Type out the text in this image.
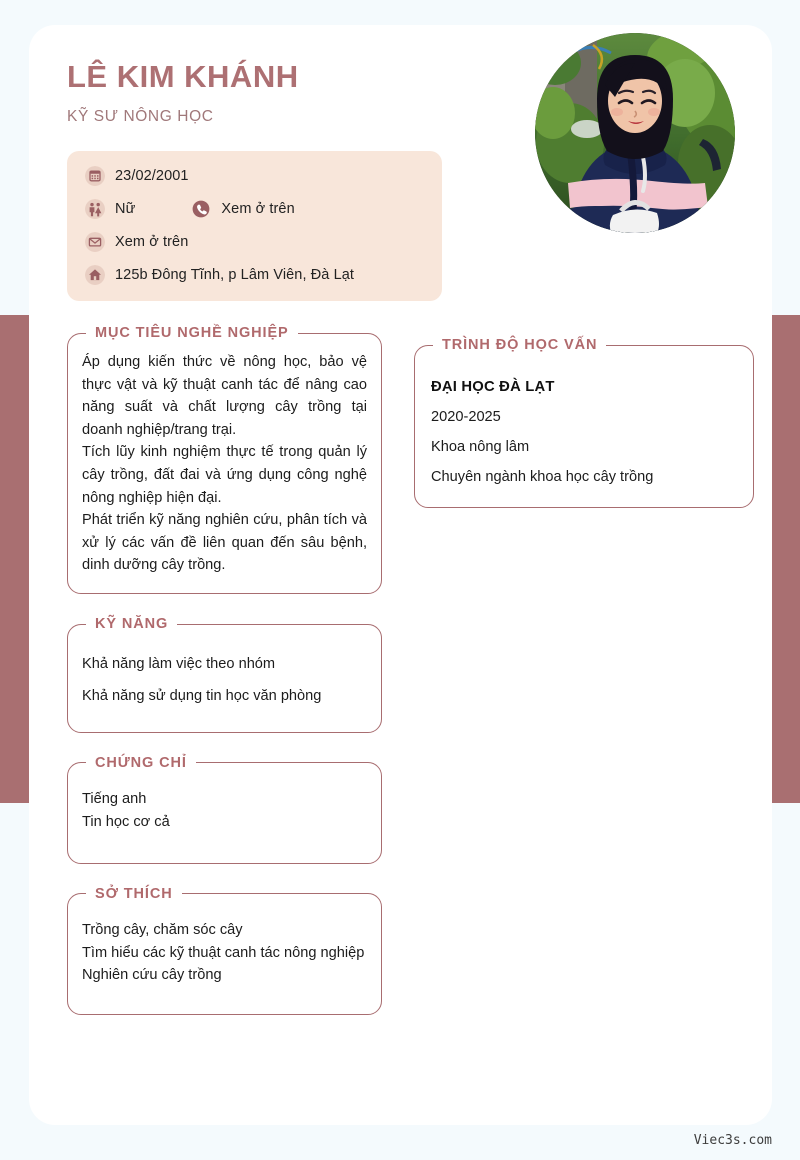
LÊ KIM KHÁNH
KỸ SƯ NÔNG HỌC
23/02/2001
Nữ	Xem ở trên
Xem ở trên
125b Đông Tĩnh, p Lâm Viên, Đà Lạt
MỤC TIÊU NGHỀ NGHIỆP

Áp dụng kiến thức về nông học, bảo vệ thực vật và kỹ thuật canh tác để nâng cao năng suất và chất lượng cây trồng tại doanh nghiệp/trang trại.

Tích lũy kinh nghiệm thực tế trong quản lý cây trồng, đất đai và ứng dụng công nghệ nông nghiệp hiện đại.

Phát triển kỹ năng nghiên cứu, phân tích và xử lý các vấn đề liên quan đến sâu bệnh, dinh dưỡng cây trồng.

KỸ NĂNG
Khả năng làm việc theo nhóm
Khả năng sử dụng tin học văn phòng
CHỨNG CHỈ
Tiếng anh
Tin học cơ cả
SỞ THÍCH
Trồng cây, chăm sóc cây
Tìm hiểu các kỹ thuật canh tác nông nghiệp
Nghiên cứu cây trồng
TRÌNH ĐỘ HỌC VẤN
ĐẠI HỌC ĐÀ LẠT
2020-2025
Khoa nông lâm
Chuyên ngành khoa học cây trồng
Viec3s.com
